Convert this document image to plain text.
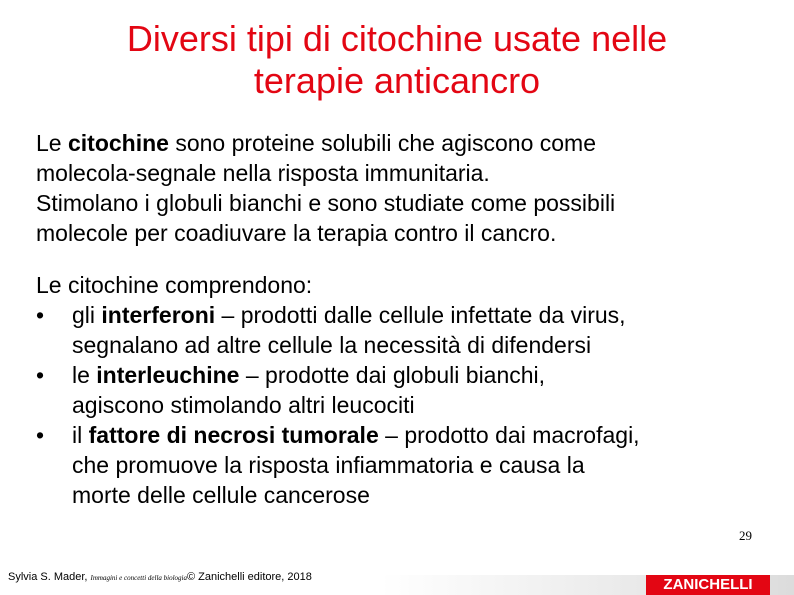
Diversi tipi di citochine usate nelle
terapie anticancro
Le citochine sono proteine solubili che agiscono come
molecola-segnale nella risposta immunitaria.
Stimolano i globuli bianchi e sono studiate come possibili
molecole per coadiuvare la terapia contro il cancro.
Le citochine comprendono:
• gli interferoni – prodotti dalle cellule infettate da virus,
segnalano ad altre cellule la necessità di difendersi
• le interleuchine – prodotte dai globuli bianchi,
agiscono stimolando altri leucociti
• il fattore di necrosi tumorale – prodotto dai macrofagi,
che promuove la risposta infiammatoria e causa la
morte delle cellule cancerose
29
Sylvia S. Mader, Immagini e concetti della biologia© Zanichelli editore, 2018	ZANICHELLI
